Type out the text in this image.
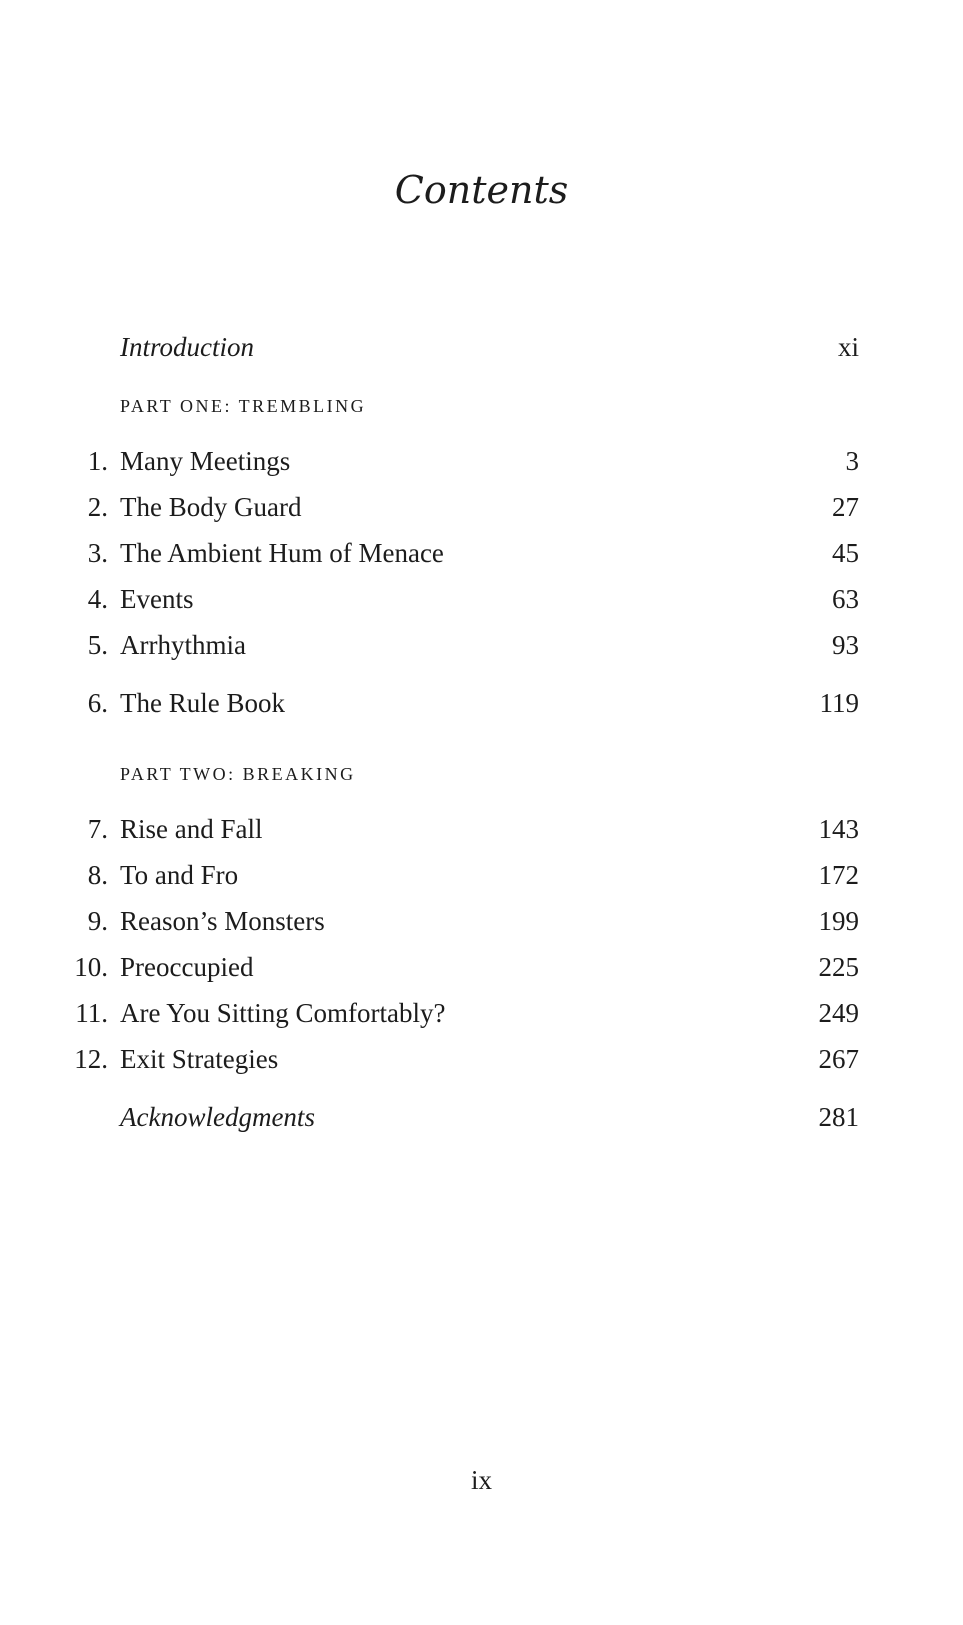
Contents
Introduction	xi
PART ONE: TREMBLING
1. Many Meetings	3
2. The Body Guard	27
3. The Ambient Hum of Menace	45
4. Events	63
5. Arrhythmia	93
6. The Rule Book	119
PART TWO: BREAKING
7. Rise and Fall	143
8. To and Fro	172
9. Reason’s Monsters	199
10. Preoccupied	225
11. Are You Sitting Comfortably?	249
12. Exit Strategies	267
Acknowledgments	281
ix
